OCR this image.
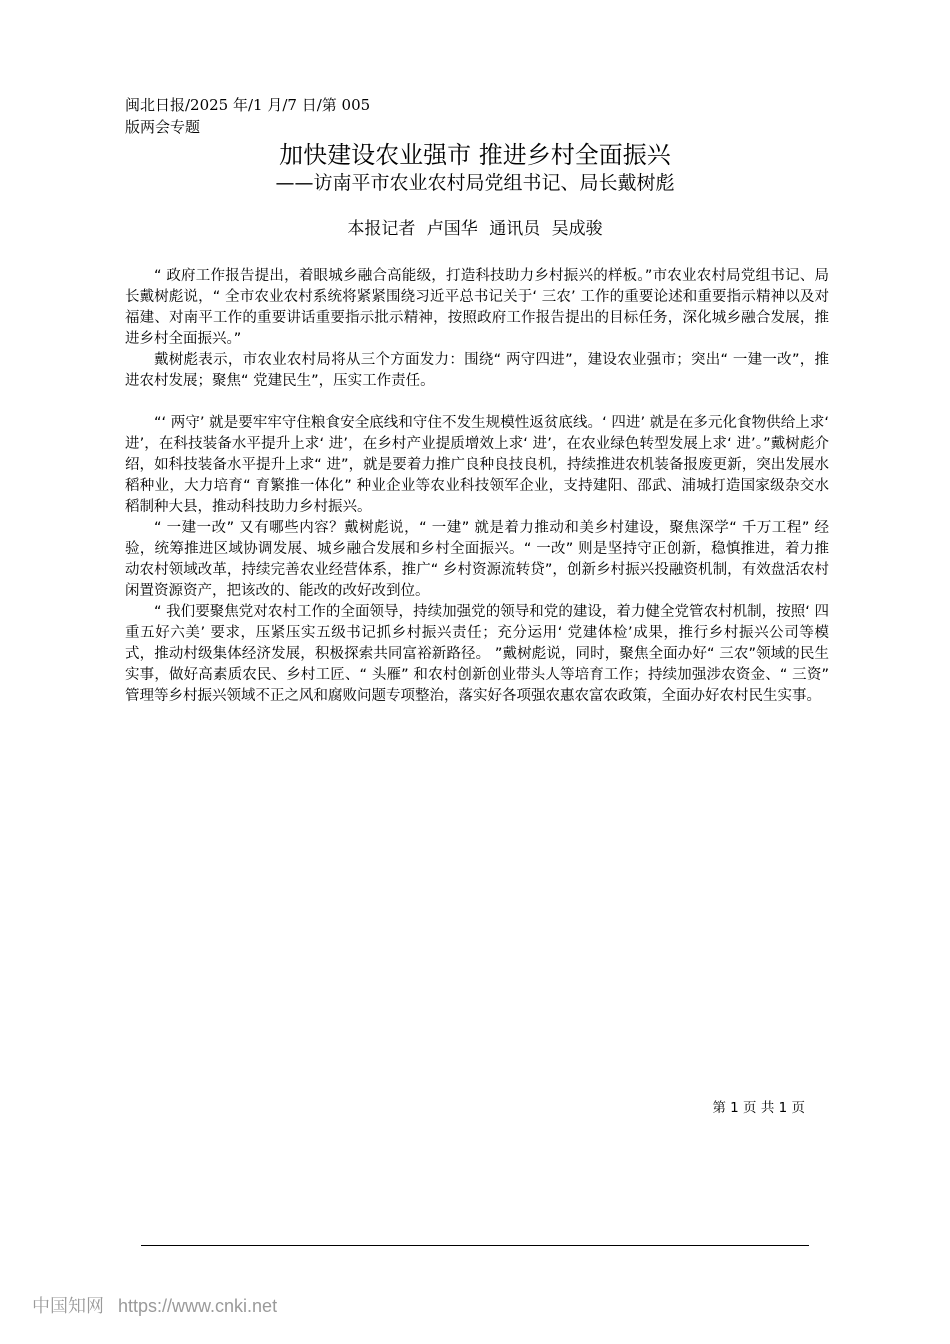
闽北日报/2025 年/1 月/7 日/第 005 版两会专题
加快建设农业强市 推进乡村全面振兴
——访南平市农业农村局党组书记、局长戴树彪
本报记者 卢国华 通讯员 吴成骏

“ 政府工作报告提出，着眼城乡融合高能级，打造科技助力乡村振兴的样板。”市农业农村局党组书记、局长戴树彪说，“ 全市农业农村系统将紧紧围绕习近平总书记关于‘ 三农’ 工作的重要论述和重要指示精神以及对福建、对南平工作的重要讲话重要指示批示精神，按照政府工作报告提出的目标任务，深化城乡融合发展，推进乡村全面振兴。”

戴树彪表示，市农业农村局将从三个方面发力：围绕“ 两守四进”，建设农业强市；突出“ 一建一改”，推进农村发展；聚焦“ 党建民生”，压实工作责任。

“‘ 两守’ 就是要牢牢守住粮食安全底线和守住不发生规模性返贫底线。‘ 四进’ 就是在多元化食物供给上求‘ 进’，在科技装备水平提升上求‘ 进’，在乡村产业提质增效上求‘ 进’，在农业绿色转型发展上求‘ 进’。”戴树彪介绍，如科技装备水平提升上求“ 进”，就是要着力推广良种良技良机，持续推进农机装备报废更新，突出发展水稻种业，大力培育“ 育繁推一体化” 种业企业等农业科技领军企业，支持建阳、邵武、浦城打造国家级杂交水稻制种大县，推动科技助力乡村振兴。

“ 一建一改” 又有哪些内容？戴树彪说，“ 一建” 就是着力推动和美乡村建设，聚焦深学“ 千万工程” 经验，统筹推进区域协调发展、城乡融合发展和乡村全面振兴。“ 一改” 则是坚持守正创新，稳慎推进，着力推动农村领域改革，持续完善农业经营体系，推广“ 乡村资源流转贷”，创新乡村振兴投融资机制，有效盘活农村闲置资源资产，把该改的、能改的改好改到位。

“ 我们要聚焦党对农村工作的全面领导，持续加强党的领导和党的建设，着力健全党管农村机制，按照‘ 四重五好六美’ 要求，压紧压实五级书记抓乡村振兴责任；充分运用‘ 党建体检’成果，推行乡村振兴公司等模式，推动村级集体经济发展，积极探索共同富裕新路径。 ”戴树彪说，同时，聚焦全面办好“ 三农”领域的民生实事，做好高素质农民、乡村工匠、“ 头雁” 和农村创新创业带头人等培育工作；持续加强涉农资金、“ 三资” 管理等乡村振兴领域不正之风和腐败问题专项整治，落实好各项强农惠农富农政策，全面办好农村民生实事。

第 1 页 共 1 页
中国知网 https://www.cnki.net
